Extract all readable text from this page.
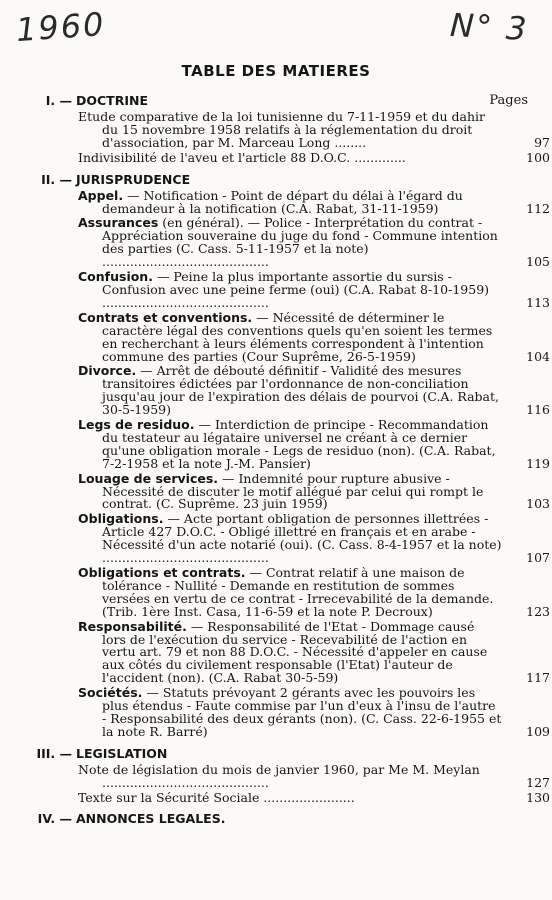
1960	N° 3
TABLE DES MATIERES
I. — DOCTRINE	Pages
Etude comparative de la loi tunisienne du 7-11-1959 et du dahir du 15 novembre 1958 relatifs à la réglementation du droit d'association, par M. Marceau Long ........	97
Indivisibilité de l'aveu et l'article 88 D.O.C. .............	100
II. — JURISPRUDENCE
Appel. — Notification - Point de départ du délai à l'égard du demandeur à la notification (C.A. Rabat, 31-11-1959)	112
Assurances (en général). — Police - Interprétation du contrat - Appréciation souveraine du juge du fond - Commune intention des parties (C. Cass. 5-11-1957 et la note) ..........................................	105
Confusion. — Peine la plus importante assortie du sursis - Confusion avec une peine ferme (oui) (C.A. Rabat 8-10-1959) ..........................................	113
Contrats et conventions. — Nécessité de déterminer le caractère légal des conventions quels qu'en soient les termes en recherchant à leurs éléments correspondent à l'intention commune des parties (Cour Suprême, 26-5-1959)	104
Divorce. — Arrêt de débouté définitif - Validité des mesures transitoires édictées par l'ordonnance de non-conciliation jusqu'au jour de l'expiration des délais de pourvoi (C.A. Rabat, 30-5-1959)	116
Legs de residuo. — Interdiction de principe - Recommandation du testateur au légataire universel ne créant à ce dernier qu'une obligation morale - Legs de residuo (non). (C.A. Rabat, 7-2-1958 et la note J.-M. Pansier)	119
Louage de services. — Indemnité pour rupture abusive - Nécessité de discuter le motif allégué par celui qui rompt le contrat. (C. Suprême. 23 juin 1959)	103
Obligations. — Acte portant obligation de personnes illettrées - Article 427 D.O.C. - Obligé illettré en français et en arabe - Nécessité d'un acte notarié (oui). (C. Cass. 8-4-1957 et la note) ..........................................	107
Obligations et contrats. — Contrat relatif à une maison de tolérance - Nullité - Demande en restitution de sommes versées en vertu de ce contrat - Irrecevabilité de la demande. (Trib. 1ère Inst. Casa, 11-6-59 et la note P. Decroux)	123
Responsabilité. — Responsabilité de l'Etat - Dommage causé lors de l'exécution du service - Recevabilité de l'action en vertu art. 79 et non 88 D.O.C. - Nécessité d'appeler en cause aux côtés du civilement responsable (l'Etat) l'auteur de l'accident (non). (C.A. Rabat 30-5-59)	117
Sociétés. — Statuts prévoyant 2 gérants avec les pouvoirs les plus étendus - Faute commise par l'un d'eux à l'insu de l'autre - Responsabilité des deux gérants (non). (C. Cass. 22-6-1955 et la note R. Barré)	109
III. — LEGISLATION
Note de législation du mois de janvier 1960, par Me M. Meylan ..........................................	127
Texte sur la Sécurité Sociale .......................	130
IV. — ANNONCES LEGALES.
